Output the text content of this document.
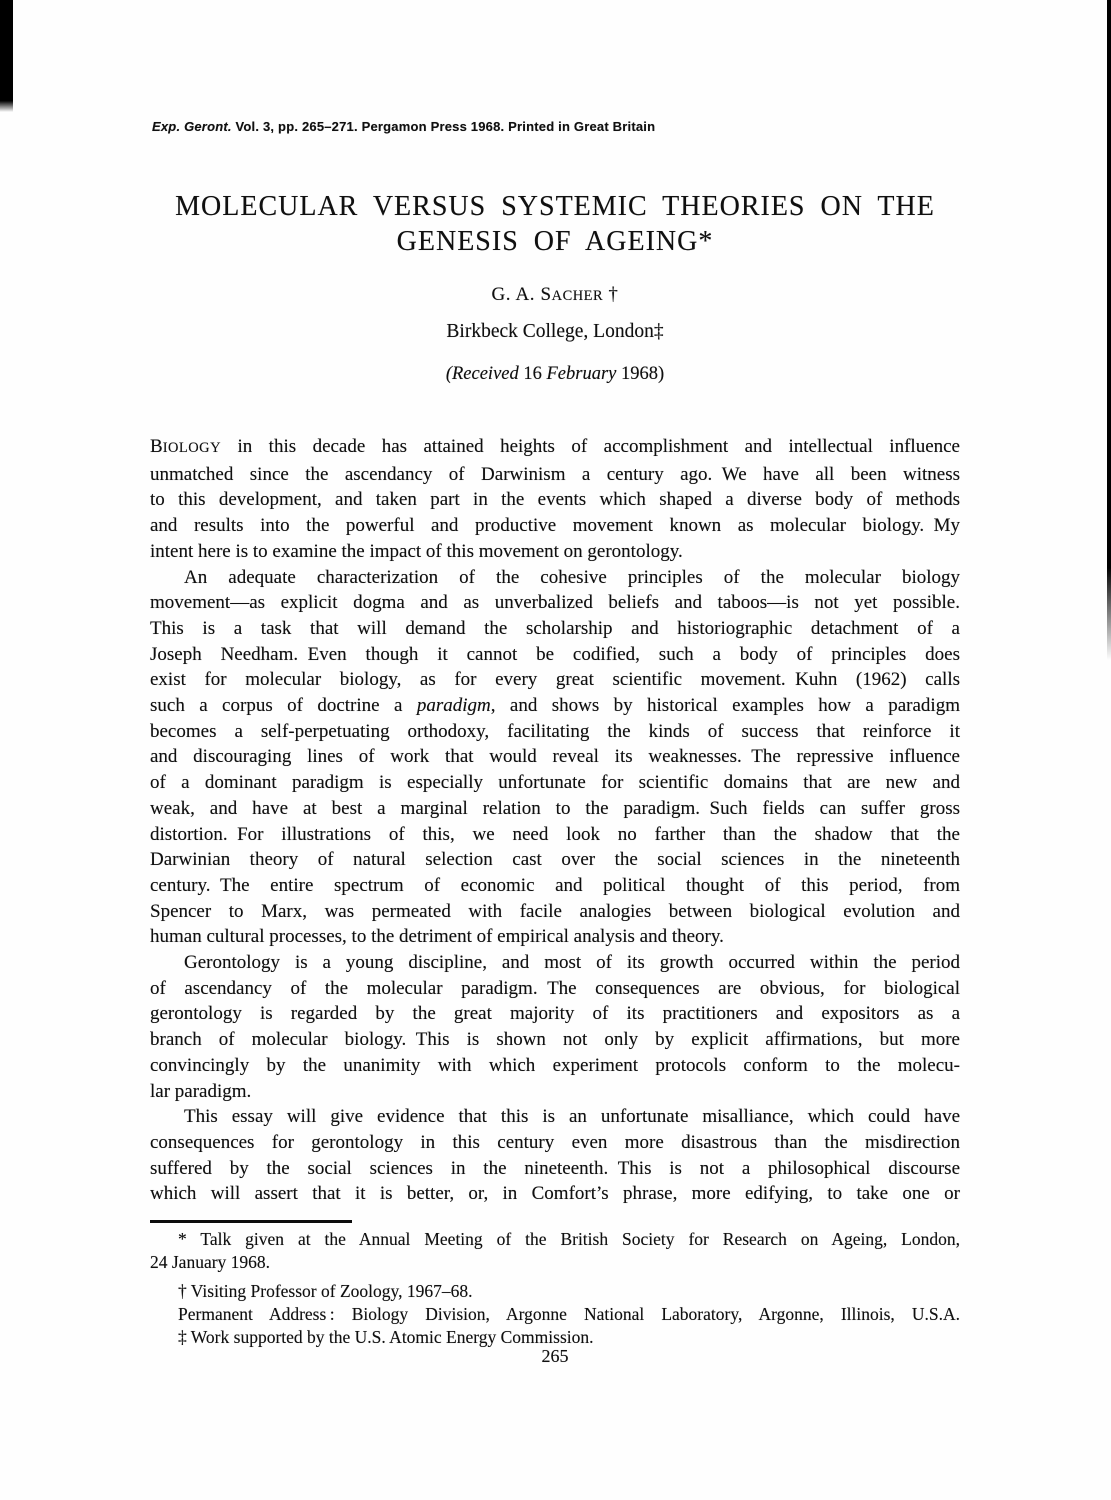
Exp. Geront. Vol. 3, pp. 265–271. Pergamon Press 1968. Printed in Great Britain
MOLECULAR VERSUS SYSTEMIC THEORIES ON THE
GENESIS OF AGEING*
G. A. SACHER †
Birkbeck College, London‡
(Received 16 February 1968)
BIOLOGY in this decade has attained heights of accomplishment and intellectual influence
unmatched since the ascendancy of Darwinism a century ago. We have all been witness
to this development, and taken part in the events which shaped a diverse body of methods
and results into the powerful and productive movement known as molecular biology. My
intent here is to examine the impact of this movement on gerontology.
An adequate characterization of the cohesive principles of the molecular biology
movement—as explicit dogma and as unverbalized beliefs and taboos—is not yet possible.
This is a task that will demand the scholarship and historiographic detachment of a
Joseph Needham. Even though it cannot be codified, such a body of principles does
exist for molecular biology, as for every great scientific movement. Kuhn (1962) calls
such a corpus of doctrine a paradigm, and shows by historical examples how a paradigm
becomes a self-perpetuating orthodoxy, facilitating the kinds of success that reinforce it
and discouraging lines of work that would reveal its weaknesses. The repressive influence
of a dominant paradigm is especially unfortunate for scientific domains that are new and
weak, and have at best a marginal relation to the paradigm. Such fields can suffer gross
distortion. For illustrations of this, we need look no farther than the shadow that the
Darwinian theory of natural selection cast over the social sciences in the nineteenth
century. The entire spectrum of economic and political thought of this period, from
Spencer to Marx, was permeated with facile analogies between biological evolution and
human cultural processes, to the detriment of empirical analysis and theory.
Gerontology is a young discipline, and most of its growth occurred within the period
of ascendancy of the molecular paradigm. The consequences are obvious, for biological
gerontology is regarded by the great majority of its practitioners and expositors as a
branch of molecular biology. This is shown not only by explicit affirmations, but more
convincingly by the unanimity with which experiment protocols conform to the molecu-
lar paradigm.
This essay will give evidence that this is an unfortunate misalliance, which could have
consequences for gerontology in this century even more disastrous than the misdirection
suffered by the social sciences in the nineteenth. This is not a philosophical discourse
which will assert that it is better, or, in Comfort’s phrase, more edifying, to take one or
* Talk given at the Annual Meeting of the British Society for Research on Ageing, London,
24 January 1968.
† Visiting Professor of Zoology, 1967–68.
Permanent Address : Biology Division, Argonne National Laboratory, Argonne, Illinois, U.S.A.
‡ Work supported by the U.S. Atomic Energy Commission.
265
